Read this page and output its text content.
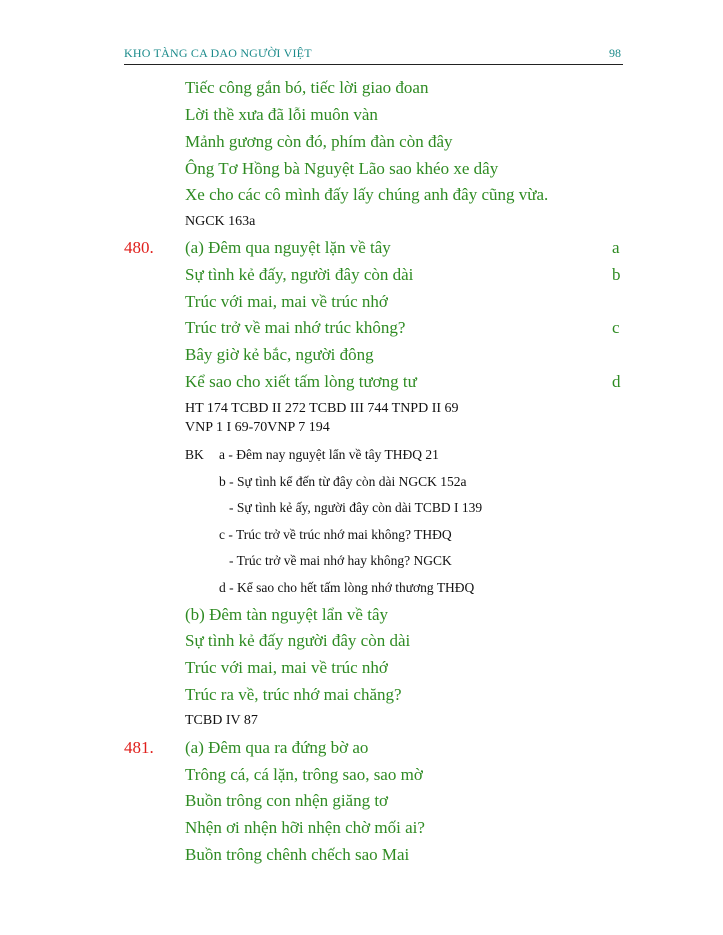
KHO TÀNG CA DAO NGƯỜI VIỆT	98
Tiếc công gắn bó, tiếc lời giao đoan
Lời thề xưa đã lỗi muôn vàn
Mảnh gương còn đó, phím đàn còn đây
Ông Tơ Hồng bà Nguyệt Lão sao khéo xe dây
Xe cho các cô mình đấy lấy chúng anh đây cũng vừa.
NGCK 163a
480. (a) Đêm qua nguyệt lặn về tây	a
Sự tình kẻ đấy, người đây còn dài	b
Trúc với mai, mai về trúc nhớ
Trúc trở về mai nhớ trúc không?	c
Bây giờ kẻ bắc, người đông
Kể sao cho xiết tấm lòng tương tư	d
HT 174 TCBD II 272 TCBD III 744 TNPD II 69
VNP 1 I 69-70VNP 7 194
BK a - Đêm nay nguyệt lẩn về tây THĐQ 21
b - Sự tình kể đến từ đây còn dài NGCK 152a
- Sự tình kẻ ấy, người đây còn dài TCBD I 139
c - Trúc trở về trúc nhớ mai không? THĐQ
- Trúc trở về mai nhớ hay không? NGCK
d - Kể sao cho hết tấm lòng nhớ thương THĐQ
(b) Đêm tàn nguyệt lẩn về tây
Sự tình kẻ đấy người đây còn dài
Trúc với mai, mai về trúc nhớ
Trúc ra về, trúc nhớ mai chăng?
TCBD IV 87
481. (a) Đêm qua ra đứng bờ ao
Trông cá, cá lặn, trông sao, sao mờ
Buồn trông con nhện giăng tơ
Nhện ơi nhện hỡi nhện chờ mối ai?
Buồn trông chênh chếch sao Mai
